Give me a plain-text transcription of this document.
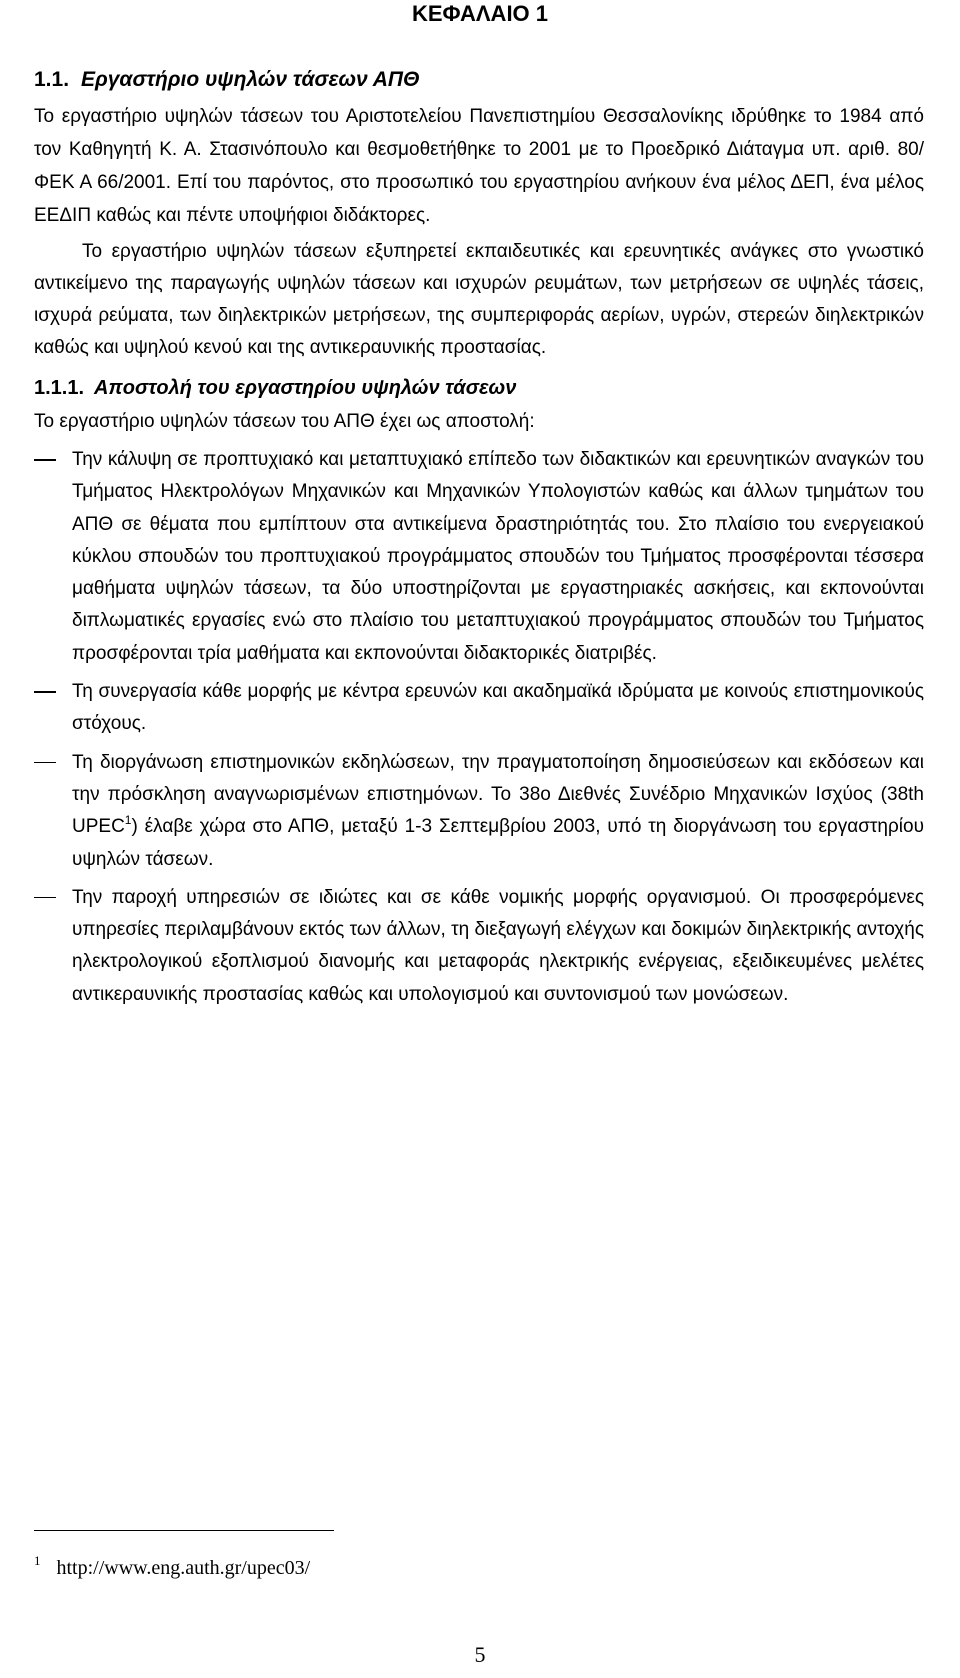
ΚΕΦΑΛΑΙΟ 1
1.1. Εργαστήριο υψηλών τάσεων ΑΠΘ

Το εργαστήριο υψηλών τάσεων του Αριστοτελείου Πανεπιστημίου Θεσσαλονίκης ιδρύθηκε το 1984 από τον Καθηγητή Κ. Α. Στασινόπουλο και θεσμοθετήθηκε το 2001 με το Προεδρικό Διάταγμα υπ. αριθ. 80/ΦΕΚ Α 66/2001. Επί του παρόντος, στο προσωπικό του εργαστηρίου ανήκουν ένα μέλος ΔΕΠ, ένα μέλος ΕΕΔΙΠ καθώς και πέντε υποψήφιοι διδάκτορες.

Το εργαστήριο υψηλών τάσεων εξυπηρετεί εκπαιδευτικές και ερευνητικές ανάγκες στο γνωστικό αντικείμενο της παραγωγής υψηλών τάσεων και ισχυρών ρευμάτων, των μετρήσεων σε υψηλές τάσεις, ισχυρά ρεύματα, των διηλεκτρικών μετρήσεων, της συμπεριφοράς αερίων, υγρών, στερεών διηλεκτρικών καθώς και υψηλού κενού και της αντικεραυνικής προστασίας.

1.1.1. Αποστολή του εργαστηρίου υψηλών τάσεων

Το εργαστήριο υψηλών τάσεων του ΑΠΘ έχει ως αποστολή:

Την κάλυψη σε προπτυχιακό και μεταπτυχιακό επίπεδο των διδακτικών και ερευνητικών αναγκών του Τμήματος Ηλεκτρολόγων Μηχανικών και Μηχανικών Υπολογιστών καθώς και άλλων τμημάτων του ΑΠΘ σε θέματα που εμπίπτουν στα αντικείμενα δραστηριότητάς του. Στο πλαίσιο του ενεργειακού κύκλου σπουδών του προπτυχιακού προγράμματος σπουδών του Τμήματος προσφέρονται τέσσερα μαθήματα υψηλών τάσεων, τα δύο υποστηρίζονται με εργαστηριακές ασκήσεις, και εκπονούνται διπλωματικές εργασίες ενώ στο πλαίσιο του μεταπτυχιακού προγράμματος σπουδών του Τμήματος προσφέρονται τρία μαθήματα και εκπονούνται διδακτορικές διατριβές.
Τη συνεργασία κάθε μορφής με κέντρα ερευνών και ακαδημαϊκά ιδρύματα με κοινούς επιστημονικούς στόχους.
Τη διοργάνωση επιστημονικών εκδηλώσεων, την πραγματοποίηση δημοσιεύσεων και εκδόσεων και την πρόσκληση αναγνωρισμένων επιστημόνων. Το 38ο Διεθνές Συνέδριο Μηχανικών Ισχύος (38th UPEC$^1$) έλαβε χώρα στο ΑΠΘ, μεταξύ 1-3 Σεπτεμβρίου 2003, υπό τη διοργάνωση του εργαστηρίου υψηλών τάσεων.
Την παροχή υπηρεσιών σε ιδιώτες και σε κάθε νομικής μορφής οργανισμού. Οι προσφερόμενες υπηρεσίες περιλαμβάνουν εκτός των άλλων, τη διεξαγωγή ελέγχων και δοκιμών διηλεκτρικής αντοχής ηλεκτρολογικού εξοπλισμού διανομής και μεταφοράς ηλεκτρικής ενέργειας, εξειδικευμένες μελέτες αντικεραυνικής προστασίας καθώς και υπολογισμού και συντονισμού των μονώσεων.
$^1$ http://www.eng.auth.gr/upec03/
5
